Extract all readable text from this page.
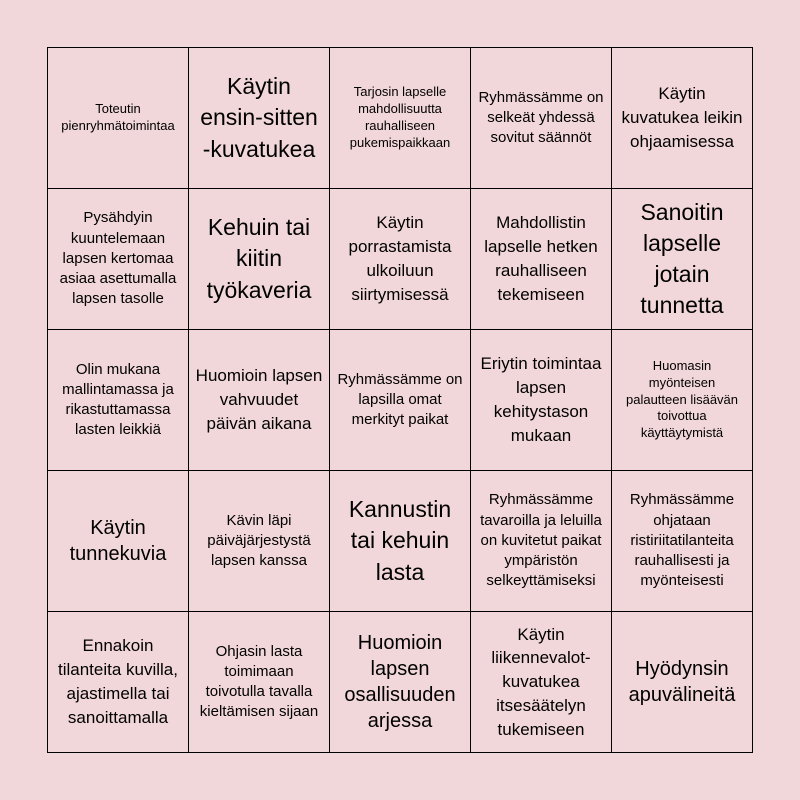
Toteutin pienryhmätoimintaa
Käytin ensin-sitten -kuvatukea
Tarjosin lapselle mahdollisuutta rauhalliseen pukemispaikkaan
Ryhmässämme on selkeät yhdessä sovitut säännöt
Käytin kuvatukea leikin ohjaamisessa
Pysähdyin kuuntelemaan lapsen kertomaa asiaa asettumalla lapsen tasolle
Kehuin tai kiitin työkaveria
Käytin porrastamista ulkoiluun siirtymisessä
Mahdollistin lapselle hetken rauhalliseen tekemiseen
Sanoitin lapselle jotain tunnetta
Olin mukana mallintamassa ja rikastuttamassa lasten leikkiä
Huomioin lapsen vahvuudet päivän aikana
Ryhmässämme on lapsilla omat merkityt paikat
Eriytin toimintaa lapsen kehitystason mukaan
Huomasin myönteisen palautteen lisäävän toivottua käyttäytymistä
Käytin tunnekuvia
Kävin läpi päiväjärjestystä lapsen kanssa
Kannustin tai kehuin lasta
Ryhmässämme tavaroilla ja leluilla on kuvitetut paikat ympäristön selkeyttämiseksi
Ryhmässämme ohjataan ristiriitatilanteita rauhallisesti ja myönteisesti
Ennakoin tilanteita kuvilla, ajastimella tai sanoittamalla
Ohjasin lasta toimimaan toivotulla tavalla kieltämisen sijaan
Huomioin lapsen osallisuuden arjessa
Käytin liikennevalot-kuvatukea itsesäätelyn tukemiseen
Hyödynsin apuvälineitä
